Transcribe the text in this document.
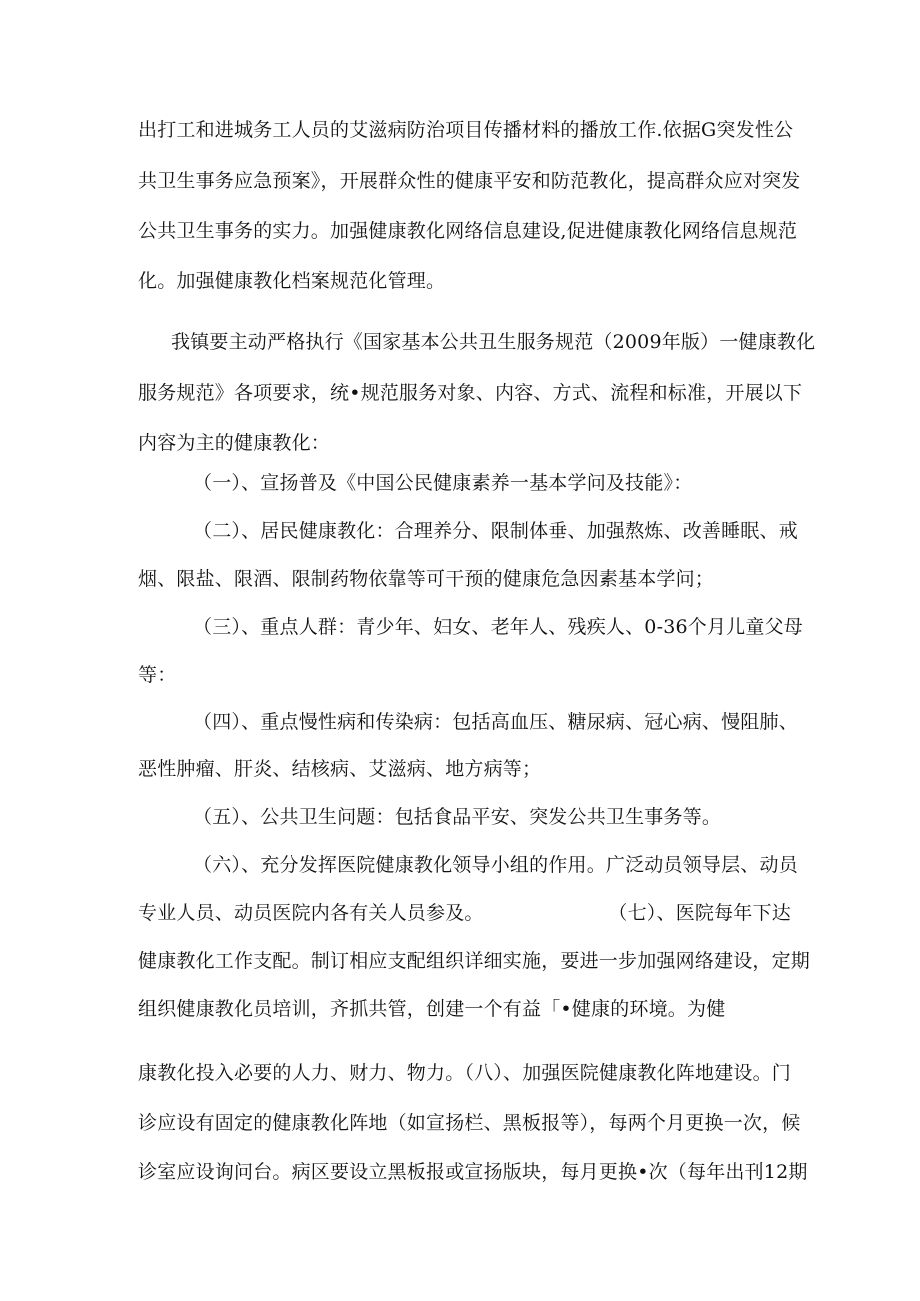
出打工和进城务工人员的艾滋病防治项目传播材料的播放工作.依据G突发性公
共卫生事务应急预案》，开展群众性的健康平安和防范教化，提高群众应对突发
公共卫生事务的实力。加强健康教化网络信息建设,促进健康教化网络信息规范
化。加强健康教化档案规范化管理。
我镇要主动严格执行《国家基本公共丑生服务规范（2009年版）一健康教化
服务规范》各项要求，统•规范服务对象、内容、方式、流程和标准，开展以下
内容为主的健康教化：
（一）、宣扬普及《中国公民健康素养一基本学问及技能》：
（二）、居民健康教化：合理养分、限制体垂、加强熬炼、改善睡眠、戒
烟、限盐、限酒、限制药物依靠等可干预的健康危急因素基本学问；
（三）、重点人群：青少年、妇女、老年人、残疾人、0-36个月儿童父母
等：
（四）、重点慢性病和传染病：包括高血压、糖尿病、冠心病、慢阻肺、
恶性肿瘤、肝炎、结核病、艾滋病、地方病等；
（五）、公共卫生问题：包括食品平安、突发公共卫生事务等。
（六）、充分发挥医院健康教化领导小组的作用。广泛动员领导层、动员
专业人员、动员医院内各有关人员参及。                    （七）、医院每年下达
健康教化工作支配。制订相应支配组织详细实施，要进一步加强网络建设，定期
组织健康教化员培训，齐抓共管，创建一个有益「•健康的环境。为健
康教化投入必要的人力、财力、物力。（八）、加强医院健康教化阵地建设。门
诊应设有固定的健康教化阵地（如宣扬栏、黑板报等），每两个月更换一次，候
诊室应设询问台。病区要设立黑板报或宣扬版块，每月更换•次（每年出刊12期
